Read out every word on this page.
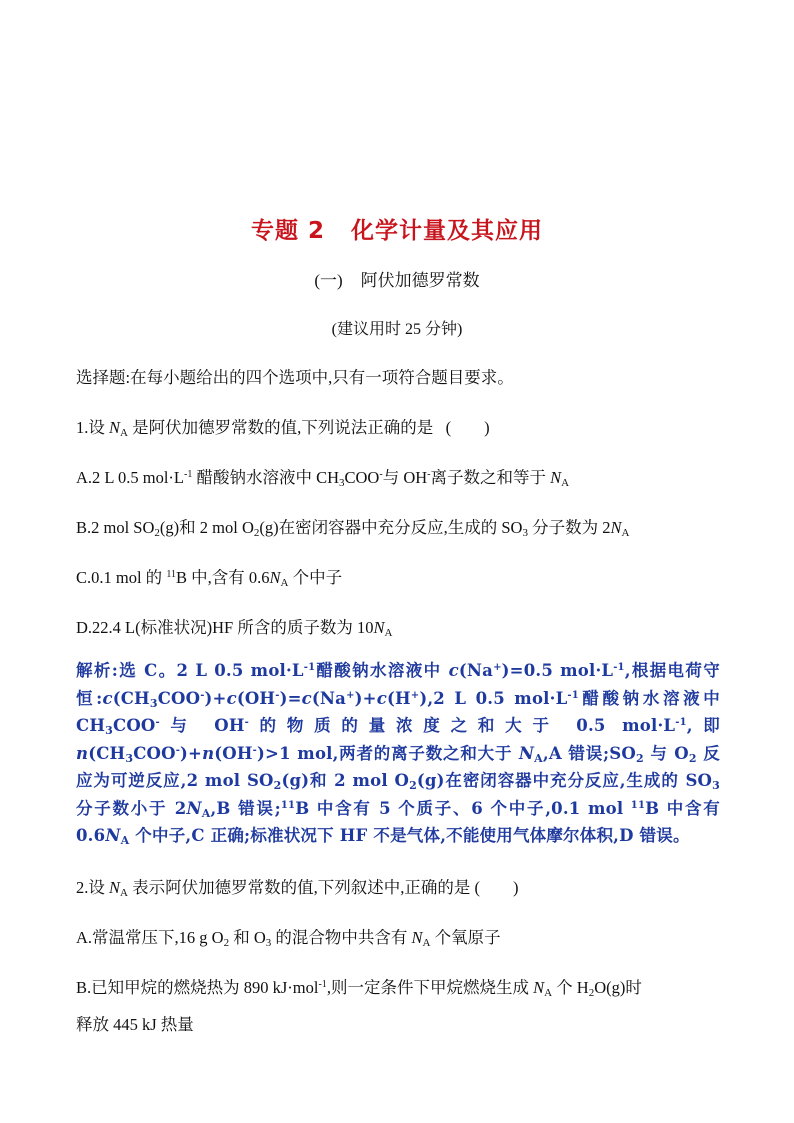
专题 2 化学计量及其应用
(一) 阿伏加德罗常数
(建议用时 25 分钟)
选择题:在每小题给出的四个选项中,只有一项符合题目要求。
1.设 $N_A$ 是阿伏加德罗常数的值,下列说法正确的是 (　　)
A.2 L 0.5 $mol\cdot L^{-1}$ 醋酸钠水溶液中 $CH_3COO^-$与 OH-离子数之和等于 $N_A$
B.2 mol $SO_2(g)$和 2 mol $O_2(g)$在密闭容器中充分反应,生成的 $SO_3$ 分子数为 $2N_A$
C.0.1 mol 的 $^{11}$B 中,含有 $0.6N_A$ 个中子
D.22.4 L(标准状况)HF 所含的质子数为 $10N_A$
解析:选 C。2 L 0.5 $mol\cdot L^{-1}$醋酸钠水溶液中 c(Na+)=0.5 $mol\cdot L^{-1}$,根据电荷守恒$:c(CH_3COO^-)+c(OH^-)=c(Na^+)+c(H^+),2$ L 0.5 $mol\cdot L^{-1}$醋酸钠水溶液中 $CH_3COO^-$与 OH-的物质的量浓度之和大于 0.5 $mol\cdot L^{-1}$,即 $n(CH_3COO^-)+n(OH^-)>1$ mol,两者的离子数之和大于 $N_A,A$ 错误$;SO_2$ 与 $O_2$ 反应为可逆反应,2 mol $SO_2(g)$和 2 mol $O_2(g)$在密闭容器中充分反应,生成的 $SO_3$ 分子数小于 $2N_A,B$ 错误;$^{11}$B 中含有 5 个质子、6 个中子,0.1 mol $^{11}$B 中含有 $0.6N_A$ 个中子,C 正确;标准状况下 HF 不是气体,不能使用气体摩尔体积,D 错误。
2.设 $N_A$ 表示阿伏加德罗常数的值,下列叙述中,正确的是 (　　)
A.常温常压下,16 g $O_2$ 和 $O_3$ 的混合物中共含有 $N_A$ 个氧原子
B.已知甲烷的燃烧热为 890 kJ·mol$^{-1}$,则一定条件下甲烷燃烧生成 $N_A$ 个 $H_2O(g)$时
释放 445 kJ 热量
